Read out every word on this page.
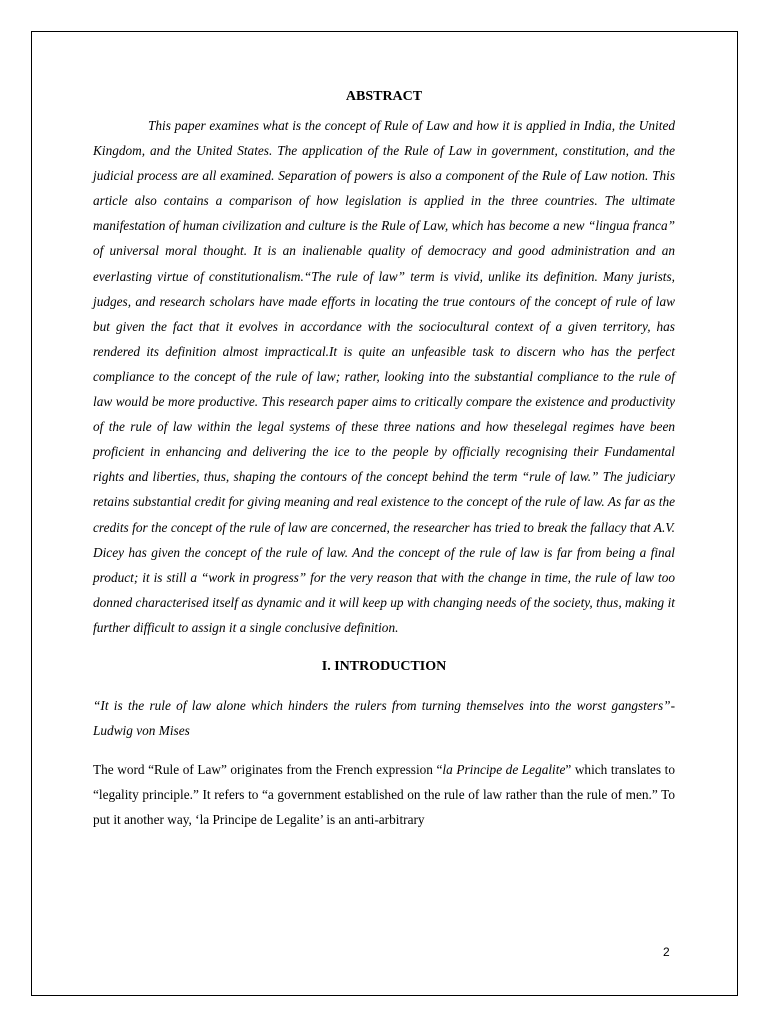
ABSTRACT

This paper examines what is the concept of Rule of Law and how it is applied in India, the United Kingdom, and the United States. The application of the Rule of Law in government, constitution, and the judicial process are all examined. Separation of powers is also a component of the Rule of Law notion. This article also contains a comparison of how legislation is applied in the three countries. The ultimate manifestation of human civilization and culture is the Rule of Law, which has become a new “lingua franca” of universal moral thought. It is an inalienable quality of democracy and good administration and an everlasting virtue of constitutionalism.“The rule of law” term is vivid, unlike its definition. Many jurists, judges, and research scholars have made efforts in locating the true contours of the concept of rule of law but given the fact that it evolves in accordance with the sociocultural context of a given territory, has rendered its definition almost impractical.It is quite an unfeasible task to discern who has the perfect compliance to the concept of the rule of law; rather, looking into the substantial compliance to the rule of law would be more productive. This research paper aims to critically compare the existence and productivity of the rule of law within the legal systems of these three nations and how theselegal regimes have been proficient in enhancing and delivering the ice to the people by officially recognising their Fundamental rights and liberties, thus, shaping the contours of the concept behind the term “rule of law.” The judiciary retains substantial credit for giving meaning and real existence to the concept of the rule of law. As far as the credits for the concept of the rule of law are concerned, the researcher has tried to break the fallacy that A.V. Dicey has given the concept of the rule of law. And the concept of the rule of law is far from being a final product; it is still a “work in progress” for the very reason that with the change in time, the rule of law too donned characterised itself as dynamic and it will keep up with changing needs of the society, thus, making it further difficult to assign it a single conclusive definition.

I. INTRODUCTION

“It is the rule of law alone which hinders the rulers from turning themselves into the worst gangsters”- Ludwig von Mises

The word “Rule of Law” originates from the French expression “la Principe de Legalite” which translates to “legality principle.” It refers to “a government established on the rule of law rather than the rule of men.” To put it another way, ‘la Principe de Legalite’ is an anti-arbitrary

2
